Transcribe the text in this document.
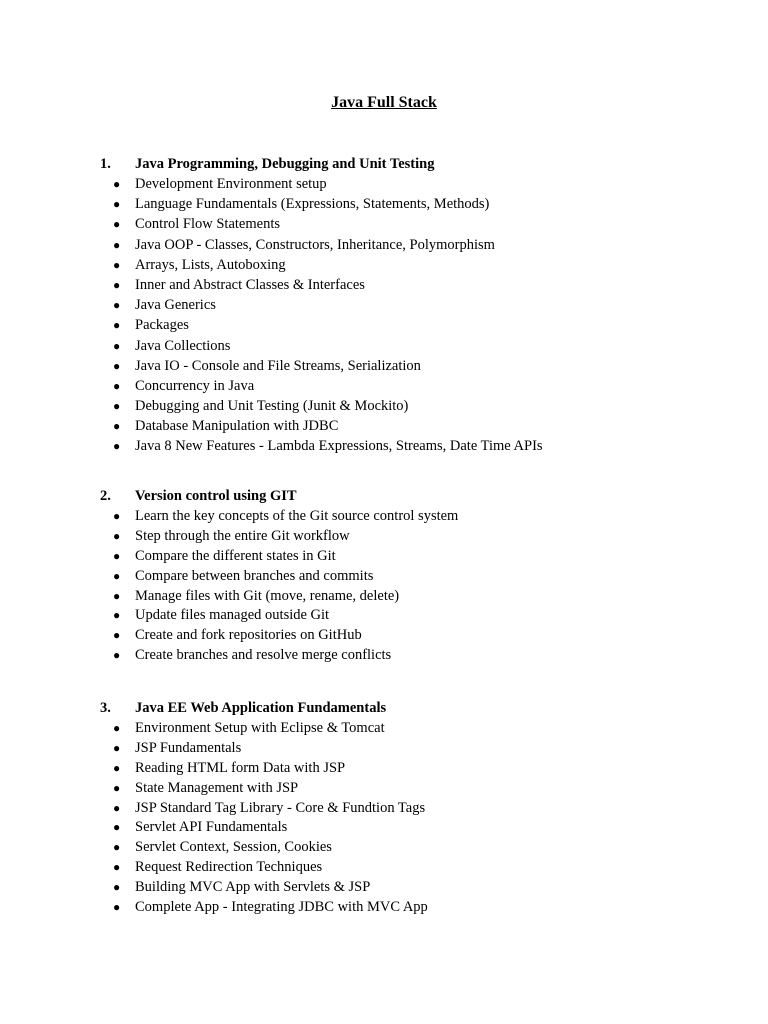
Java Full Stack
1. Java Programming, Debugging and Unit Testing
● Development Environment setup
● Language Fundamentals (Expressions, Statements, Methods)
● Control Flow Statements
● Java OOP - Classes, Constructors, Inheritance, Polymorphism
● Arrays, Lists, Autoboxing
● Inner and Abstract Classes & Interfaces
● Java Generics
● Packages
● Java Collections
● Java IO - Console and File Streams, Serialization
● Concurrency in Java
● Debugging and Unit Testing (Junit & Mockito)
● Database Manipulation with JDBC
● Java 8 New Features - Lambda Expressions, Streams, Date Time APIs
2. Version control using GIT
● Learn the key concepts of the Git source control system
● Step through the entire Git workflow
● Compare the different states in Git
● Compare between branches and commits
● Manage files with Git (move, rename, delete)
● Update files managed outside Git
● Create and fork repositories on GitHub
● Create branches and resolve merge conflicts
3. Java EE Web Application Fundamentals
● Environment Setup with Eclipse & Tomcat
● JSP Fundamentals
● Reading HTML form Data with JSP
● State Management with JSP
● JSP Standard Tag Library - Core & Fundtion Tags
● Servlet API Fundamentals
● Servlet Context, Session, Cookies
● Request Redirection Techniques
● Building MVC App with Servlets & JSP
● Complete App - Integrating JDBC with MVC App
